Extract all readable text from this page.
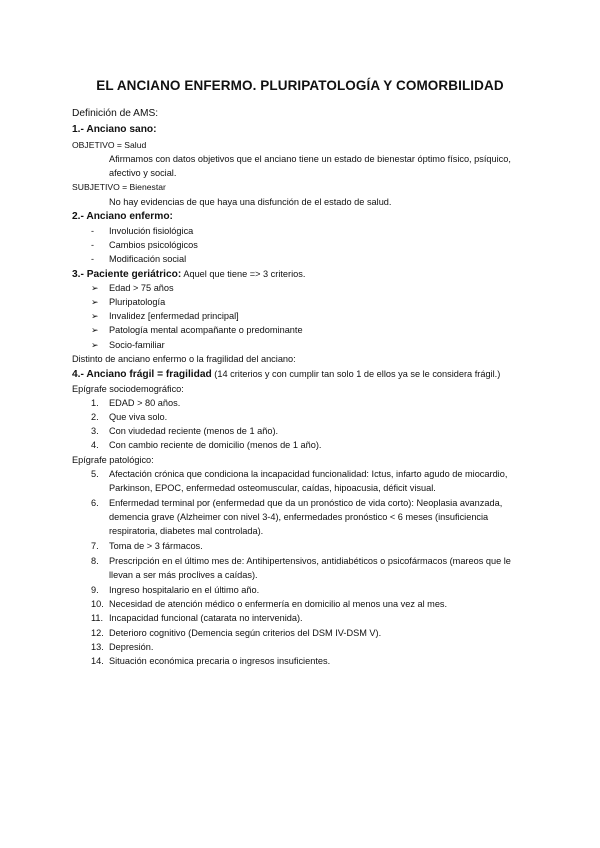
EL ANCIANO ENFERMO. PLURIPATOLOGÍA Y COMORBILIDAD
Definición de AMS:
1.- Anciano sano:
OBJETIVO = Salud
Afirmamos con datos objetivos que el anciano tiene un estado de bienestar óptimo físico, psíquico,
afectivo y social.
SUBJETIVO = Bienestar
No hay evidencias de que haya una disfunción de el estado de salud.
2.- Anciano enfermo:
- Involución fisiológica
- Cambios psicológicos
- Modificación social
3.- Paciente geriátrico: Aquel que tiene => 3 criterios.
➢ Edad > 75 años
➢ Pluripatología
➢ Invalidez [enfermedad principal]
➢ Patología mental acompañante o predominante
➢ Socio-familiar
Distinto de anciano enfermo o la fragilidad del anciano:
4.- Anciano frágil = fragilidad (14 criterios y con cumplir tan solo 1 de ellos ya se le considera frágil.)
Epígrafe sociodemográfico:
1. EDAD > 80 años.
2. Que viva solo.
3. Con viudedad reciente (menos de 1 año).
4. Con cambio reciente de domicilio (menos de 1 año).
Epígrafe patológico:
5. Afectación crónica que condiciona la incapacidad funcionalidad: Ictus, infarto agudo de miocardio,
Parkinson, EPOC, enfermedad osteomuscular, caídas, hipoacusia, déficit visual.
6. Enfermedad terminal por (enfermedad que da un pronóstico de vida corto): Neoplasia avanzada,
demencia grave (Alzheimer con nivel 3-4), enfermedades pronóstico < 6 meses (insuficiencia
respiratoria, diabetes mal controlada).
7. Toma de > 3 fármacos.
8. Prescripción en el último mes de: Antihipertensivos, antidiabéticos o psicofármacos (mareos que le
llevan a ser más proclives a caídas).
9. Ingreso hospitalario en el último año.
10. Necesidad de atención médico o enfermería en domicilio al menos una vez al mes.
11. Incapacidad funcional (catarata no intervenida).
12. Deterioro cognitivo (Demencia según criterios del DSM IV-DSM V).
13. Depresión.
14. Situación económica precaria o ingresos insuficientes.
